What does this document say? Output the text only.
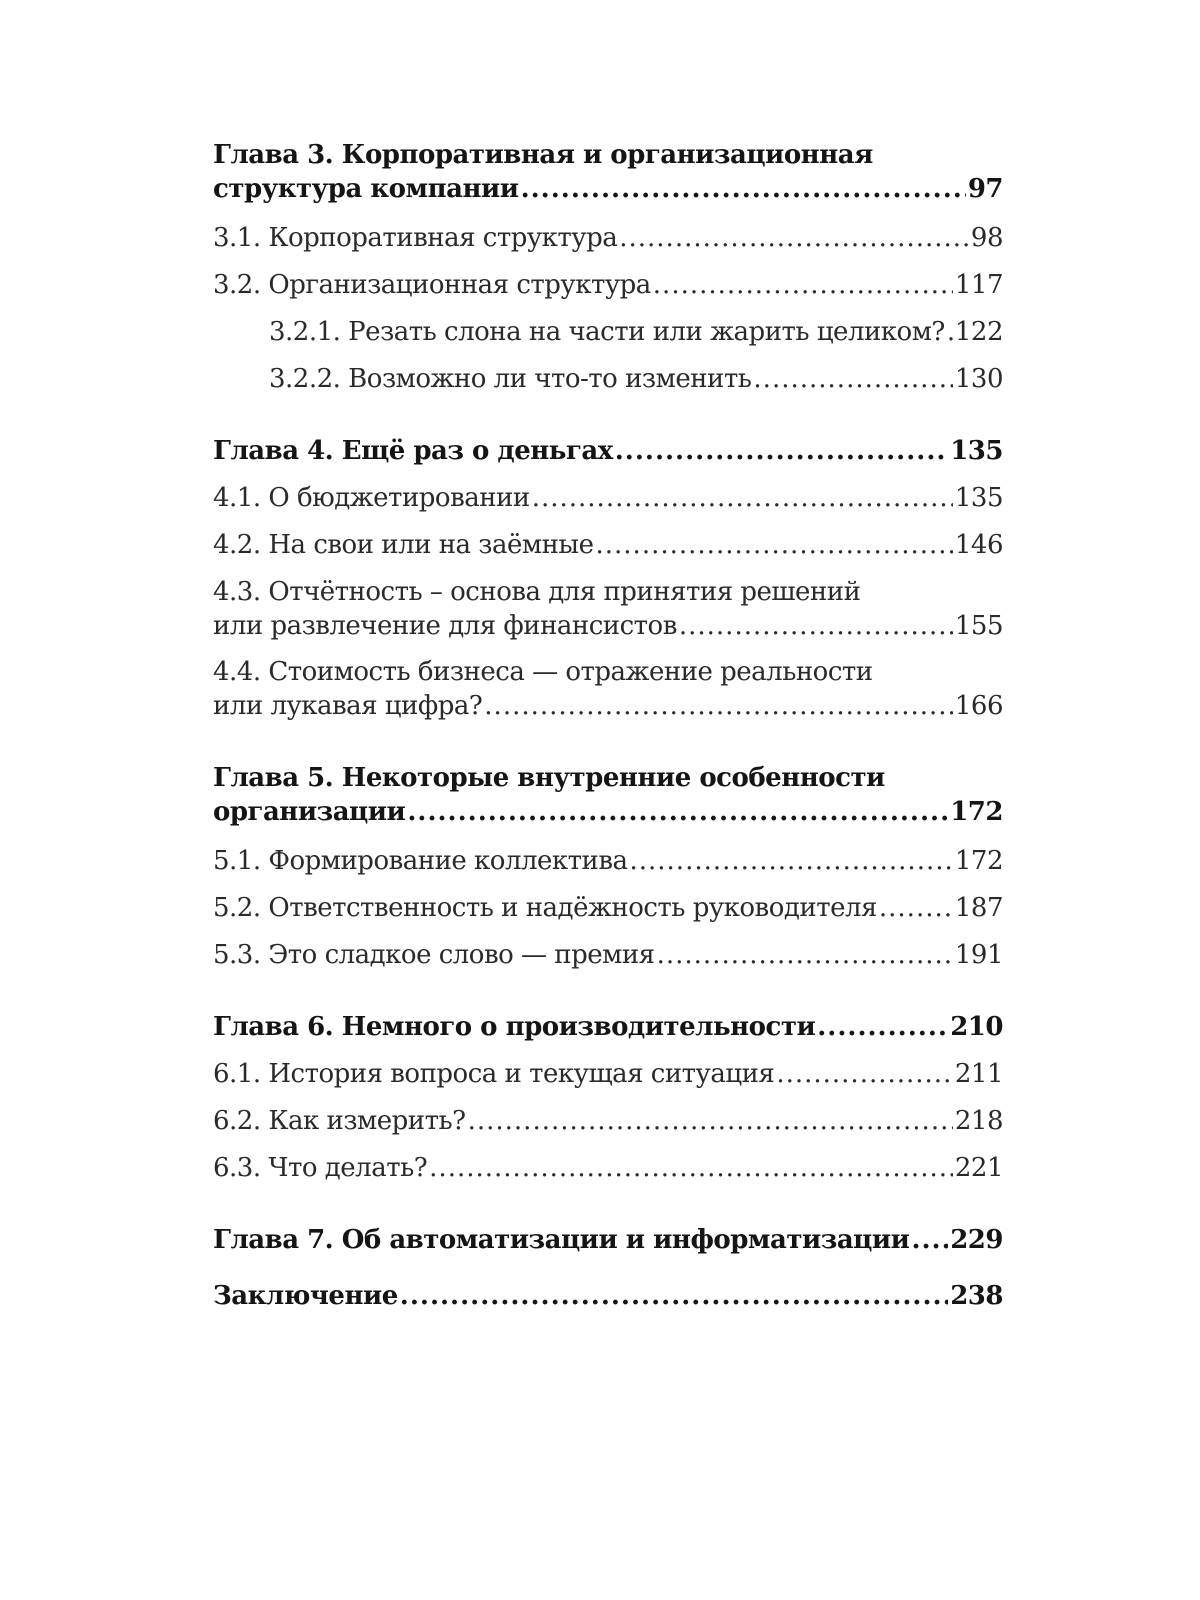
Глава 3. Корпоративная и организационная
структура компании .....	97
3.1. Корпоративная структура .....	98
3.2. Организационная структура .....	117
3.2.1. Резать слона на части или жарить целиком? ..... 122
3.2.2. Возможно ли что-то изменить .....	130
Глава 4. Ещё раз о деньгах .....	135
4.1. О бюджетировании .....	135
4.2. На свои или на заёмные .....	146
4.3. Отчётность – основа для принятия решений
или развлечение для финансистов .....	155
4.4. Стоимость бизнеса — отражение реальности
или лукавая цифра? .....	166
Глава 5. Некоторые внутренние особенности
организации .....	172
5.1. Формирование коллектива .....	172
5.2. Ответственность и надёжность руководителя .....	187
5.3. Это сладкое слово — премия .....	191
Глава 6. Немного о производительности .....	210
6.1. История вопроса и текущая ситуация .....	211
6.2. Как измерить? .....	218
6.3. Что делать? .....	221
Глава 7. Об автоматизации и информатизации ..... 229
Заключение .....	238
